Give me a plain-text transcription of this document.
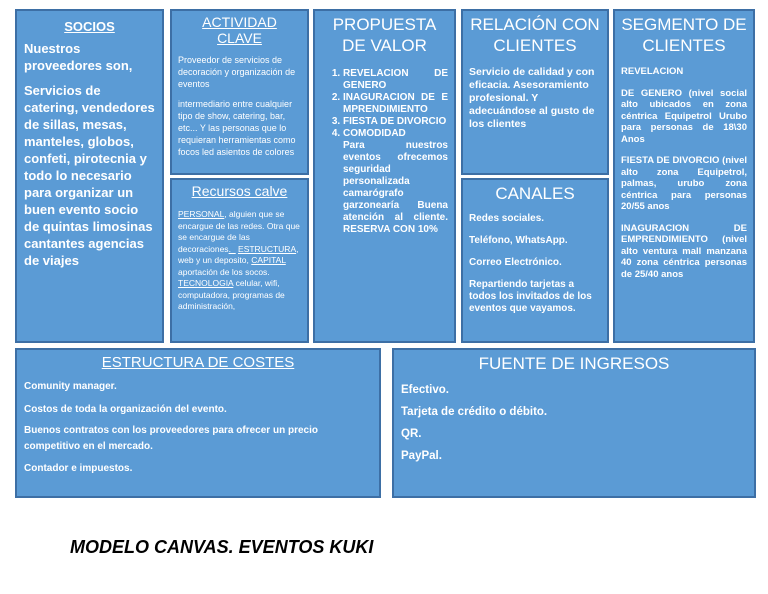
SOCIOS

Nuestros proveedores son,

Servicios de catering, vendedores de sillas, mesas, manteles, globos, confeti, pirotecnia y todo lo necesario para organizar un buen evento socio de quintas limosinas cantantes agencias de viajes

ACTIVIDAD CLAVE

Proveedor de servicios de decoración y organización de eventos

intermediario entre cualquier tipo de show, catering, bar, etc... Y las personas que lo requieran herramientas como focos led asientos de colores

Recursos calve

PERSONAL, alguien que se encargue de las redes. Otra que se encargue de las decoraciones._ ESTRUCTURA, web y un deposito, CAPITAL aportación de los socos. TECNOLOGIA celular, wifi, computadora, programas de administración,

PROPUESTA DE VALOR
1. REVELACION DE GENERO
2. INAGURACION DE EMPRENDIMIENTO
3. FIESTA DE DIVORCIO
4. COMODIDAD

Para nuestros eventos ofrecemos seguridad personalizada camarógrafo garzonearía Buena atención al cliente. RESERVA CON 10%

RELACIÓN CON CLIENTES

Servicio de calidad y con eficacia. Asesoramiento profesional. Y adecuándose al gusto de los clientes

CANALES

Redes sociales.

Teléfono, WhatsApp.

Correo Electrónico.

Repartiendo tarjetas a todos los invitados de los eventos que vayamos.

SEGMENTO DE CLIENTES

REVELACION

DE GENERO (nivel social alto ubicados en zona céntrica Equipetrol Urubo para personas de 18\30 Anos

FIESTA DE DIVORCIO (nivel alto zona Equipetrol, palmas, urubo zona céntrica para personas 20/55 anos

INAGURACION DE EMPRENDIMIENTO (nivel alto ventura mall manzana 40 zona céntrica personas de 25/40 anos

ESTRUCTURA DE COSTES

Comunity manager.

Costos de toda la organización del evento.

Buenos contratos con los proveedores para ofrecer un precio competitivo en el mercado.

Contador e impuestos.

FUENTE DE INGRESOS

Efectivo.

Tarjeta de crédito o débito.

QR.

PayPal.

MODELO CANVAS. EVENTOS KUKI
